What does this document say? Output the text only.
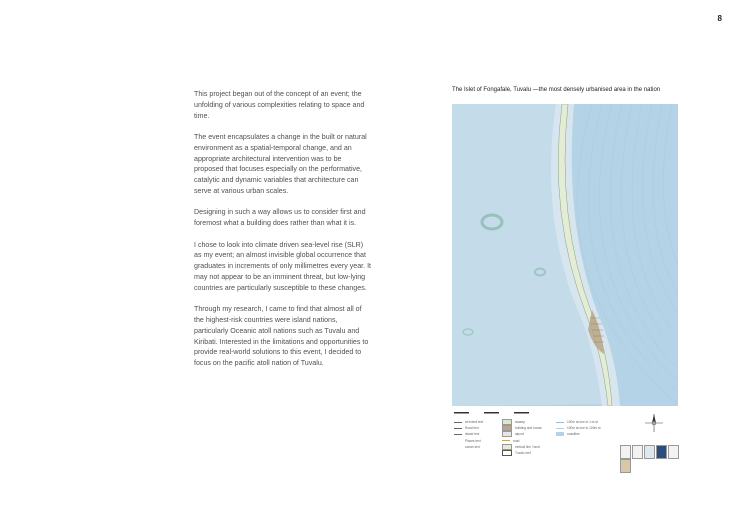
8

This project began out of the concept of an event; the unfolding of various complexities relating to space and time.

The event encapsulates a change in the built or natural environment as a spatial-temporal change, and an appropriate architectural intervention was to be proposed that focuses especially on the performative, catalytic and dynamic variables that architecture can serve at various urban scales.

Designing in such a way allows us to consider first and foremost what a building does rather than what it is.

I chose to look into climate driven sea-level rise (SLR) as my event; an almost invisible global occurrence that graduates in increments of only millimetres every year. It may not appear to be an imminent threat, but low-lying countries are particularly susceptible to these changes.

Through my research, I came to find that almost all of the highest-risk countries were island nations, particularly Oceanic atoll nations such as Tuvalu and Kiribati. Interested in the limitations and opportunities to provide real-world solutions to this event, I decided to focus on the pacific atoll nation of Tuvalu.

The Islet of Fongafale, Tuvalu —the most densely urbanised area in the nation
at extent text
Road text
island text
Places text
ocean text
swamp
building and house
airport
road
vertical line / land
Tuvalu reef
100m at one to 1:m st
100m at one to 100m st
coastline
